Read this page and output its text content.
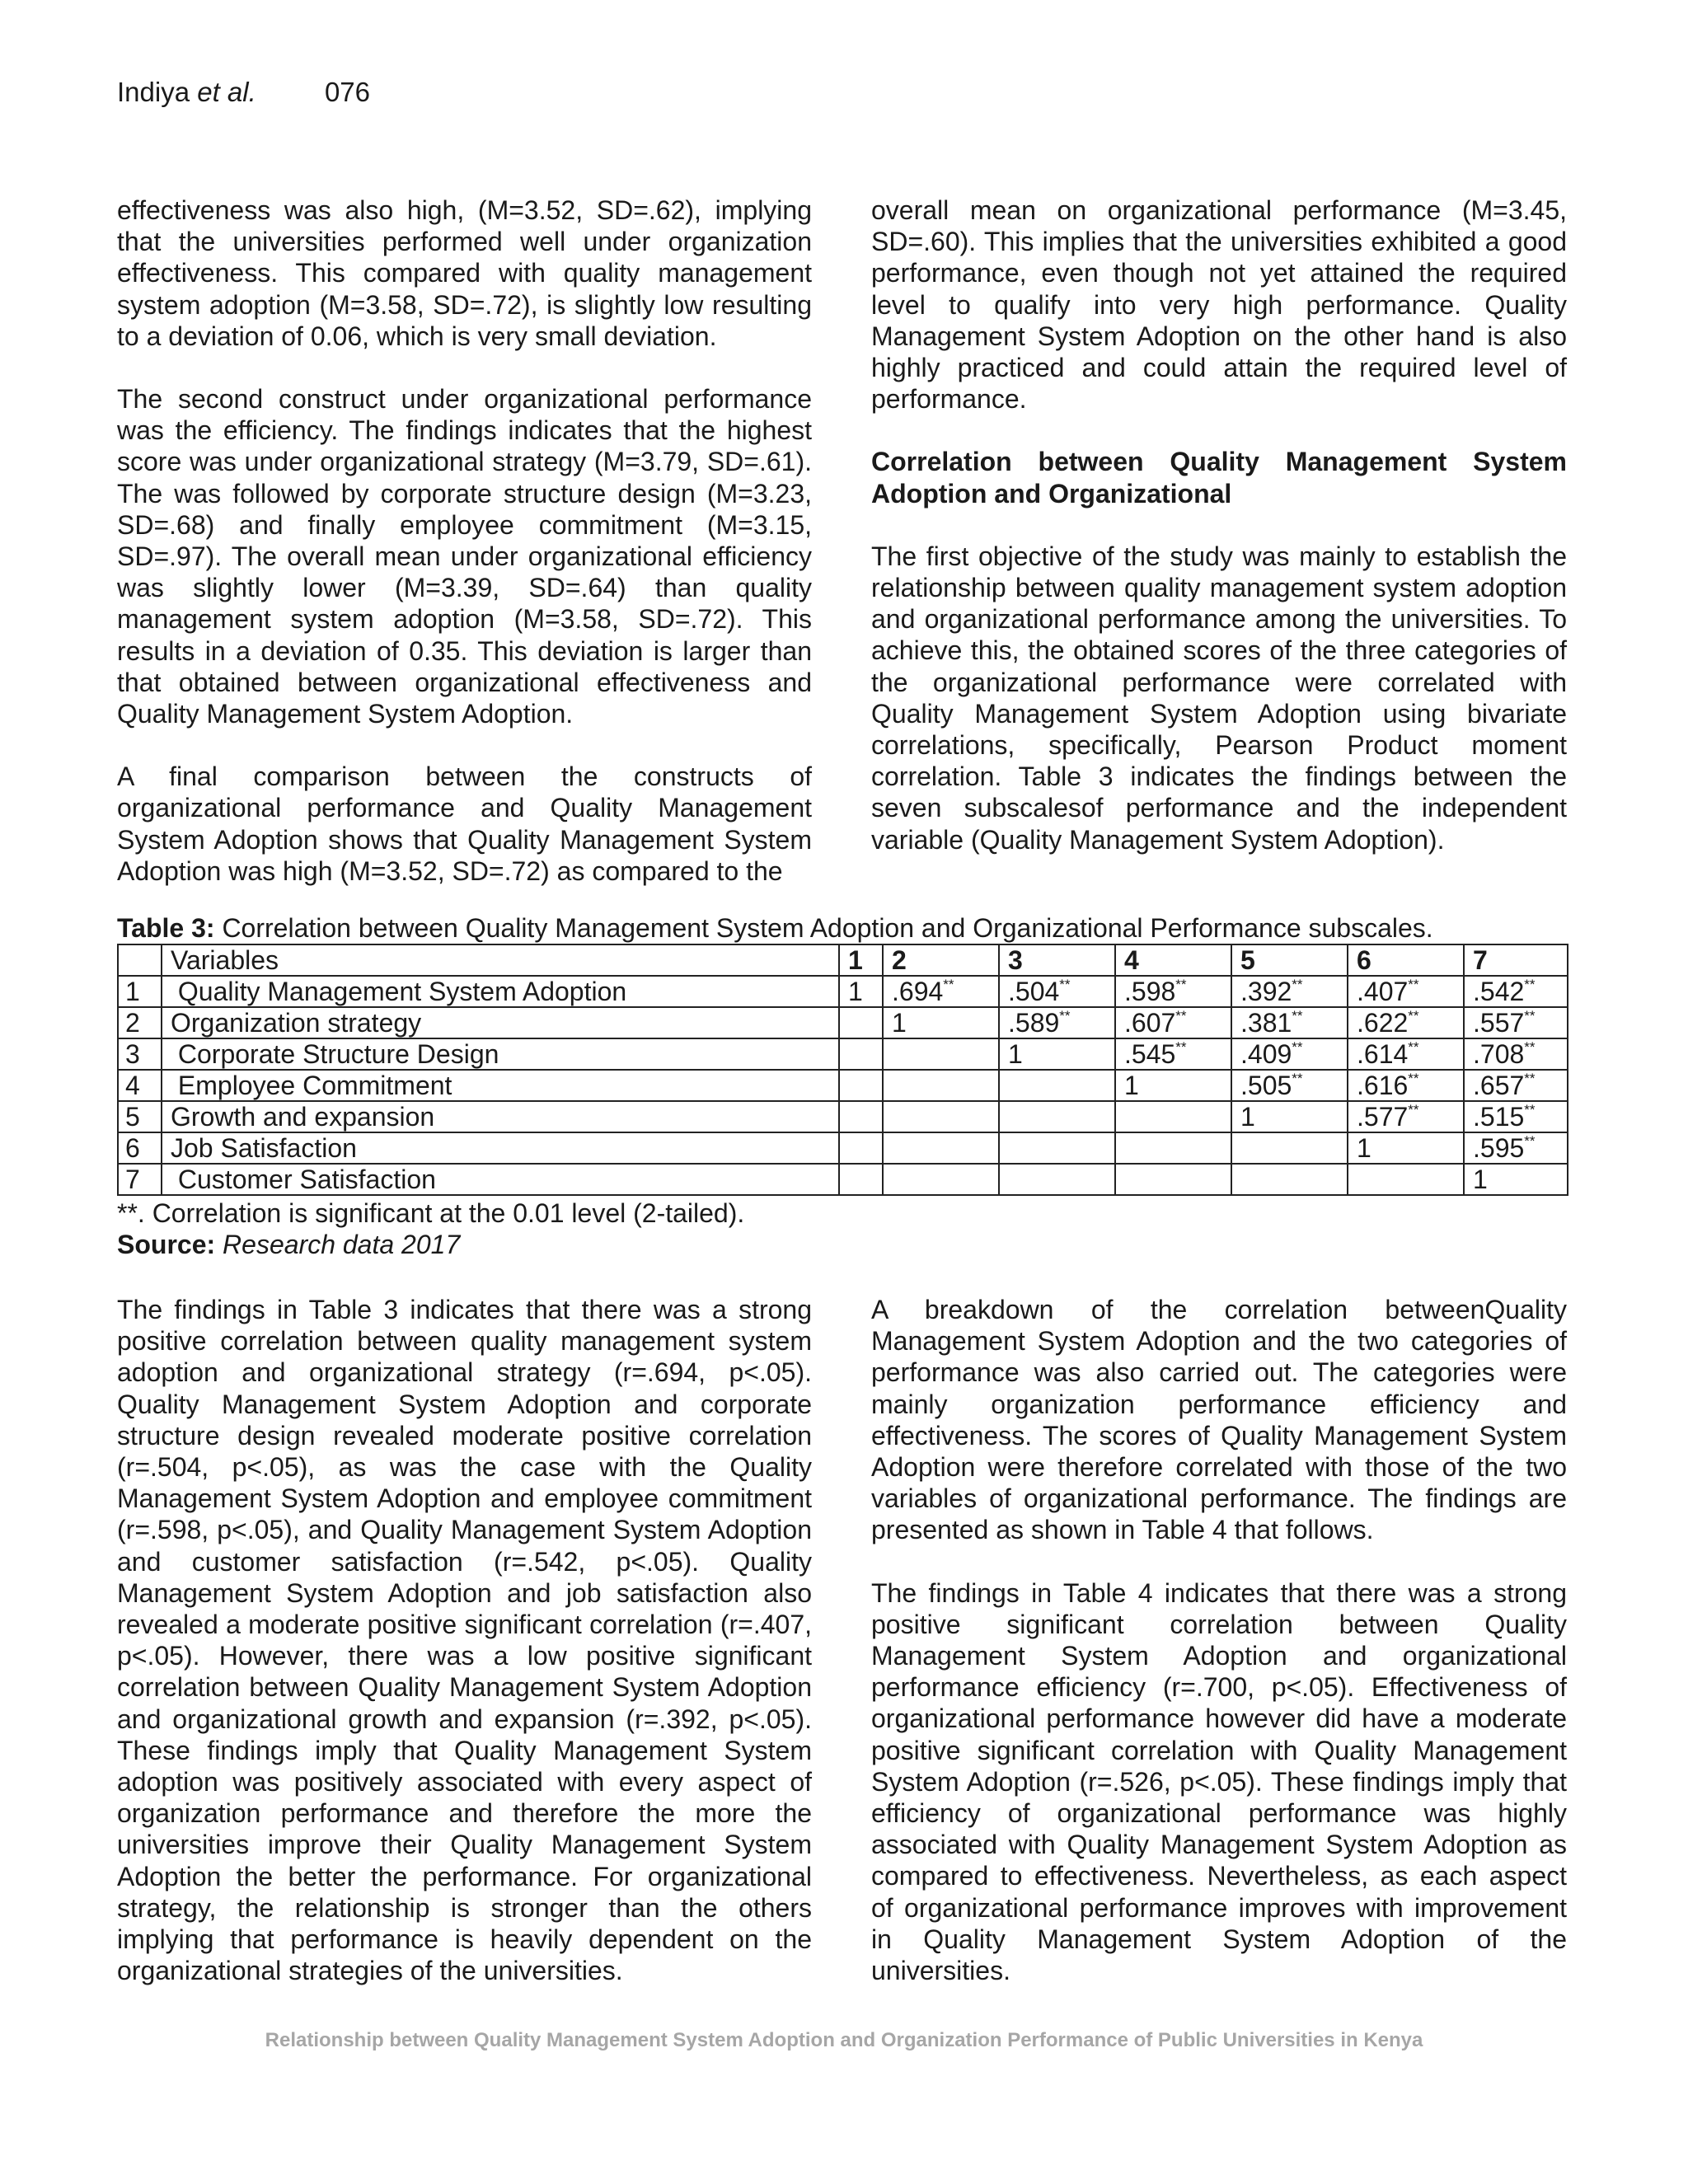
Indiya et al.	076

effectiveness was also high, (M=3.52, SD=.62), implying that the universities performed well under organization effectiveness. This compared with quality management system adoption (M=3.58, SD=.72), is slightly low resulting to a deviation of 0.06, which is very small deviation.

The second construct under organizational performance was the efficiency. The findings indicates that the highest score was under organizational strategy (M=3.79, SD=.61). The was followed by corporate structure design (M=3.23, SD=.68) and finally employee commitment (M=3.15, SD=.97). The overall mean under organizational efficiency was slightly lower (M=3.39, SD=.64) than quality management system adoption (M=3.58, SD=.72). This results in a deviation of 0.35. This deviation is larger than that obtained between organizational effectiveness and Quality Management System Adoption.

A final comparison between the constructs of organizational performance and Quality Management System Adoption shows that Quality Management System Adoption was high (M=3.52, SD=.72) as compared to the

overall mean on organizational performance (M=3.45, SD=.60). This implies that the universities exhibited a good performance, even though not yet attained the required level to qualify into very high performance. Quality Management System Adoption on the other hand is also highly practiced and could attain the required level of performance.

Correlation between Quality Management System Adoption and Organizational

The first objective of the study was mainly to establish the relationship between quality management system adoption and organizational performance among the universities. To achieve this, the obtained scores of the three categories of the organizational performance were correlated with Quality Management System Adoption using bivariate correlations, specifically, Pearson Product moment correlation. Table 3 indicates the findings between the seven subscalesof performance and the independent variable (Quality Management System Adoption).

Table 3: Correlation between Quality Management System Adoption and Organizational Performance subscales.

	Variables	1	2	3	4	5	6	7
1	Quality Management System Adoption	1	.694**	.504**	.598**	.392**	.407**	.542**
2	Organization strategy		1	.589**	.607**	.381**	.622**	.557**
3	Corporate Structure Design			1	.545**	.409**	.614**	.708**
4	Employee Commitment				1	.505**	.616**	.657**
5	Growth and expansion					1	.577**	.515**
6	Job Satisfaction						1	.595**
7	Customer Satisfaction							1
**. Correlation is significant at the 0.01 level (2-tailed).
Source: Research data 2017

The findings in Table 3 indicates that there was a strong positive correlation between quality management system adoption and organizational strategy (r=.694, p<.05). Quality Management System Adoption and corporate structure design revealed moderate positive correlation (r=.504, p<.05), as was the case with the Quality Management System Adoption and employee commitment (r=.598, p<.05), and Quality Management System Adoption and customer satisfaction (r=.542, p<.05). Quality Management System Adoption and job satisfaction also revealed a moderate positive significant correlation (r=.407, p<.05). However, there was a low positive significant correlation between Quality Management System Adoption and organizational growth and expansion (r=.392, p<.05). These findings imply that Quality Management System adoption was positively associated with every aspect of organization performance and therefore the more the universities improve their Quality Management System Adoption the better the performance. For organizational strategy, the relationship is stronger than the others implying that performance is heavily dependent on the organizational strategies of the universities.

A breakdown of the correlation betweenQuality Management System Adoption and the two categories of performance was also carried out. The categories were mainly organization performance efficiency and effectiveness. The scores of Quality Management System Adoption were therefore correlated with those of the two variables of organizational performance. The findings are presented as shown in Table 4 that follows.

The findings in Table 4 indicates that there was a strong positive significant correlation between Quality Management System Adoption and organizational performance efficiency (r=.700, p<.05). Effectiveness of organizational performance however did have a moderate positive significant correlation with Quality Management System Adoption (r=.526, p<.05). These findings imply that efficiency of organizational performance was highly associated with Quality Management System Adoption as compared to effectiveness. Nevertheless, as each aspect of organizational performance improves with improvement in Quality Management System Adoption of the universities.

Relationship between Quality Management System Adoption and Organization Performance of Public Universities in Kenya
